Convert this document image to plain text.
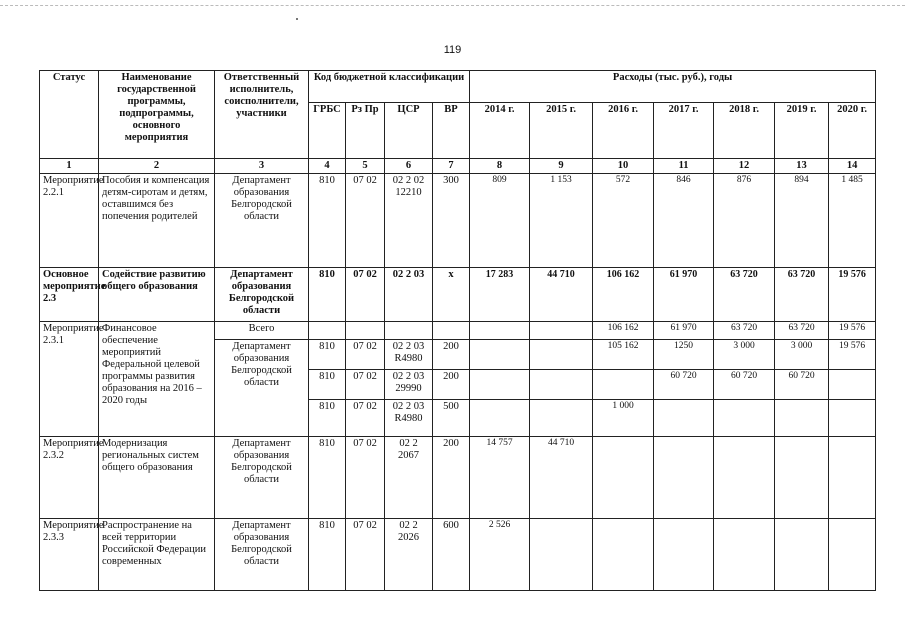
119
Статус	Наименование государственной программы, подпрограммы, основного мероприятия	Ответственный исполнитель, соисполнители, участники	Код бюджетной классификации				Расходы (тыс. руб.), годы						
			ГРБС	Рз Пр	ЦСР	ВР	2014 г.	2015 г.	2016 г.	2017 г.	2018 г.	2019 г.	2020 г.
1	2	3	4	5	6	7	8	9	10	11	12	13	14
Мероприятие 2.2.1	Пособия и компенсация детям-сиротам и детям, оставшимся без попечения родителей	Департамент образования Белгородской области	810	07 02	02 2 02 12210	300	809	1 153	572	846	876	894	1 485
Основное мероприятие 2.3	Содействие развитию общего образования	Департамент образования Белгородской области	810	07 02	02 2 03	х	17 283	44 710	106 162	61 970	63 720	63 720	19 576
Мероприятие 2.3.1	Финансовое обеспечение мероприятий Федеральной целевой программы развития образования на 2016 – 2020 годы	Всего							106 162	61 970	63 720	63 720	19 576
		Департамент образования Белгородской области	810	07 02	02 2 03 R4980	200			105 162	1250	3 000	3 000	19 576
			810	07 02	02 2 03 29990	200				60 720	60 720	60 720	
			810	07 02	02 2 03 R4980	500			1 000				
Мероприятие 2.3.2	Модернизация региональных систем общего образования	Департамент образования Белгородской области	810	07 02	02 2 2067	200	14 757	44 710					
Мероприятие 2.3.3	Распространение на всей территории Российской Федерации современных	Департамент образования Белгородской области	810	07 02	02 2 2026	600	2 526						
